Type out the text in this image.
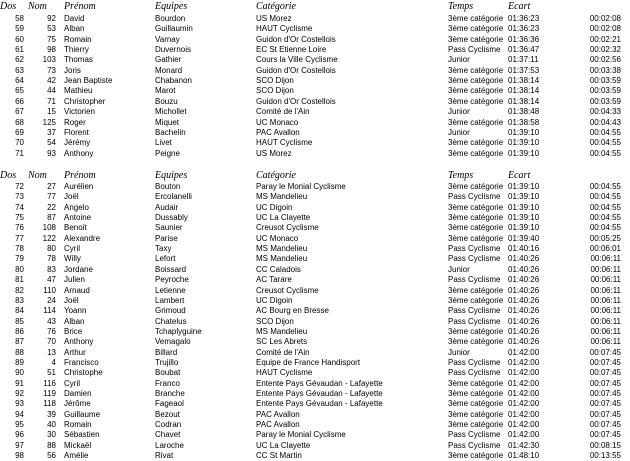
Dos	Nom	Prénom	Equipes	Catégorie	Temps	Ecart
58	92 David	Bourdon	US Morez	3ème catégorie 01:36:23	00:02:08
59	53 Alban	Guillaumin	HAUT Cyclisme	3ème catégorie 01:36:23	00:02:08
60	75 Romain	Varnay	Guidon d'Or Costellois	3ème catégorie 01:36:36	00:02:21
61	98 Thierry	Duvernois	EC St Etienne Loire	Pass Cyclisme 01:36:47	00:02:32
62	103 Thomas	Gathier	Cours la Ville Cyclisme	Junior	01:37:11	00:02:56
63	73 Joris	Monard	Guidon d'Or Costellois	3ème catégorie 01:37:53	00:03:38
64	42 Jean Baptiste	Chabanon	SCO Dijon	3ème catégorie 01:38:14	00:03:59
65	44 Mathieu	Marot	SCO Dijon	3ème catégorie 01:38:14	00:03:59
66	71 Christopher	Bouzu	Guidon d'Or Costellois	3ème catégorie 01:38:14	00:03:59
67	15 Victorien	Michollet	Comité de l'Ain	Junior	01:38:48	00:04:33
68	125 Roger	Miquet	UC Monaco	3ème catégorie 01:38:58	00:04:43
69	37 Florent	Bachelin	PAC Avallon	Junior	01:39:10	00:04:55
70	54 Jérémy	Livet	HAUT Cyclisme	3ème catégorie 01:39:10	00:04:55
71	93 Anthony	Peigne	US Morez	3ème catégorie 01:39:10	00:04:55
Dos	Nom	Prénom	Equipes	Catégorie	Temps	Ecart
72	27 Aurélien	Bouton	Paray le Monial Cyclisme	3ème catégorie 01:39:10	00:04:55
73	77 Joël	Ercolanelli	MS Mandelieu	Pass Cyclisme 01:39:10	00:04:55
74	22 Angelo	Audair	UC Digoin	3ème catégorie 01:39:10	00:04:55
75	87 Antoine	Dussably	UC La Clayette	3ème catégorie 01:39:10	00:04:55
76	108 Benoit	Saunier	Creusot Cyclisme	3ème catégorie 01:39:10	00:04:55
77	122 Alexandre	Parise	UC Monaco	3ème catégorie 01:39:40	00:05:25
78	80 Cyril	Taxy	MS Mandelieu	Pass Cyclisme 01:40:16	00:06:01
79	78 Willy	Lefort	MS Mandelieu	Pass Cyclisme 01:40:26	00:06:11
80	83 Jordane	Boissard	CC Caladois	Junior	01:40:26	00:06:11
81	47 Julien	Peyroche	AC Tarare	Pass Cyclisme 01:40:26	00:06:11
82	110 Arnaud	Letienne	Creusot Cyclisme	3ème catégorie 01:40:26	00:06:11
83	24 Joël	Lambert	UC Digoin	3ème catégorie 01:40:26	00:06:11
84	114 Yoann	Grimoud	AC Bourg en Bresse	Pass Cyclisme 01:40:26	00:06:11
85	43 Alban	Chatelus	SCO Dijon	Pass Cyclisme 01:40:26	00:06:11
86	76 Brice	Tchaplyguine	MS Mandelieu	3ème catégorie 01:40:26	00:06:11
87	70 Anthony	Vemagalo	SC Les Abrets	3ème catégorie 01:40:26	00:06:11
88	13 Arthur	Billard	Comité de l'Ain	Junior	01:42:00	00:07:45
89	4 Francisco	Trujillo	Equipe de France Handisport	Pass Cyclisme 01:42:00	00:07:45
90	51 Christophe	Boubat	HAUT Cyclisme	Pass Cyclisme 01:42:00	00:07:45
91	116 Cyril	Franco	Entente Pays Gévaudan - Lafayette	3ème catégorie 01:42:00	00:07:45
92	119 Damien	Branche	Entente Pays Gévaudan - Lafayette	3ème catégorie 01:42:00	00:07:45
93	118 Jérôme	Fageaol	Entente Pays Gévaudan - Lafayette	3ème catégorie 01:42:00	00:07:45
94	39 Guillaume	Bezout	PAC Avallon	3ème catégorie 01:42:00	00:07:45
95	40 Romain	Codran	PAC Avallon	3ème catégorie 01:42:00	00:07:45
96	30 Sébastien	Chavet	Paray le Monial Cyclisme	Pass Cyclisme 01:42:00	00:07:45
97	88 Mickaël	Laroche	UC La Clayette	Pass Cyclisme 01:42:30	00:08:15
98	56 Amélie	Rivat	CC St Martin	3ème catégorie 01:48:10	00:13:55
